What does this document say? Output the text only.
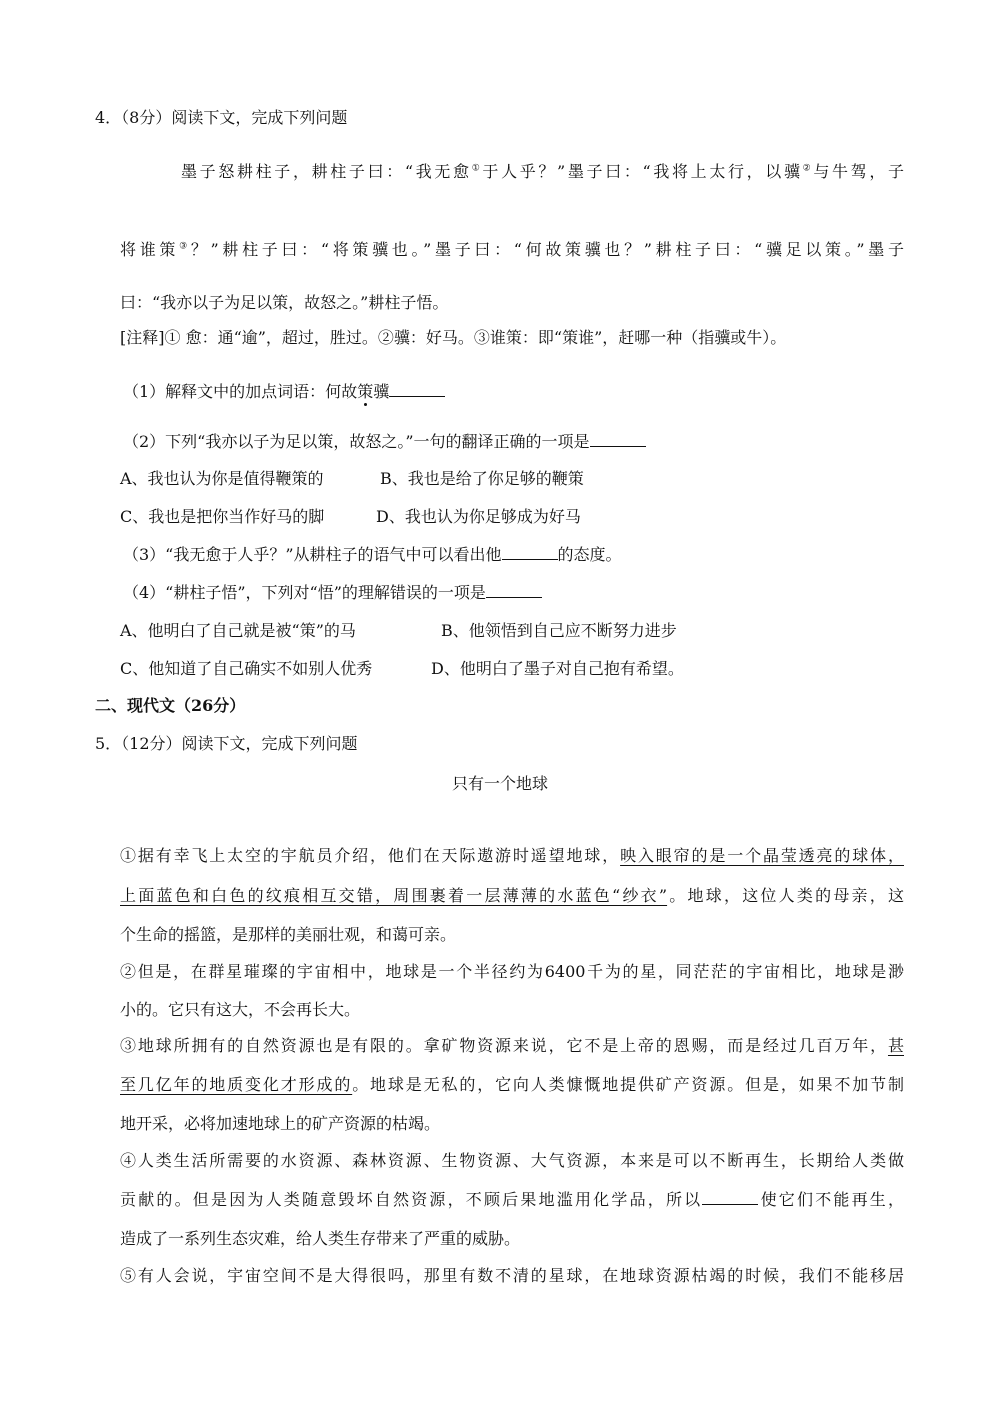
4．（8分）阅读下文，完成下列问题
墨子怒耕柱子，耕柱子曰：“我无愈①于人乎？”墨子曰：“我将上太行，以骥②与牛驾，子
将谁策③？”耕柱子曰：“将策骥也。”墨子曰：“何故策骥也？”耕柱子曰：“骥足以策。”墨子
曰：“我亦以子为足以策，故怒之。”耕柱子悟。
[注释]① 愈：通“逾”，超过，胜过。②骥：好马。③谁策：即“策谁”，赶哪一种（指骥或牛）。
（1）解释文中的加点词语：何故策骥
（2）下列“我亦以子为足以策，故怒之。”一句的翻译正确的一项是
A、我也认为你是值得鞭策的	B、我也是给了你足够的鞭策
C、我也是把你当作好马的脚	D、我也认为你足够成为好马
（3）“我无愈于人乎？”从耕柱子的语气中可以看出他	的态度。
（4）“耕柱子悟”，下列对“悟”的理解错误的一项是
A、他明白了自己就是被“策”的马	B、他领悟到自己应不断努力进步
C、他知道了自己确实不如别人优秀	D、他明白了墨子对自己抱有希望。
二、现代文（26分）
5．（12分）阅读下文，完成下列问题
只有一个地球
①据有幸飞上太空的宇航员介绍，他们在天际遨游时遥望地球，映入眼帘的是一个晶莹透亮的球体，
上面蓝色和白色的纹痕相互交错，周围裹着一层薄薄的水蓝色“纱衣”。地球，这位人类的母亲，这
个生命的摇篮，是那样的美丽壮观，和蔼可亲。
②但是，在群星璀璨的宇宙相中，地球是一个半径约为6400千为的星，同茫茫的宇宙相比，地球是渺
小的。它只有这大，不会再长大。
③地球所拥有的自然资源也是有限的。拿矿物资源来说，它不是上帝的恩赐，而是经过几百万年，甚
至几亿年的地质变化才形成的。地球是无私的，它向人类慷慨地提供矿产资源。但是，如果不加节制
地开采，必将加速地球上的矿产资源的枯竭。
④人类生活所需要的水资源、森林资源、生物资源、大气资源，本来是可以不断再生，长期给人类做
贡献的。但是因为人类随意毁坏自然资源，不顾后果地滥用化学品，所以	使它们不能再生，
造成了一系列生态灾难，给人类生存带来了严重的威胁。
⑤有人会说，宇宙空间不是大得很吗，那里有数不清的星球，在地球资源枯竭的时候，我们不能移居
